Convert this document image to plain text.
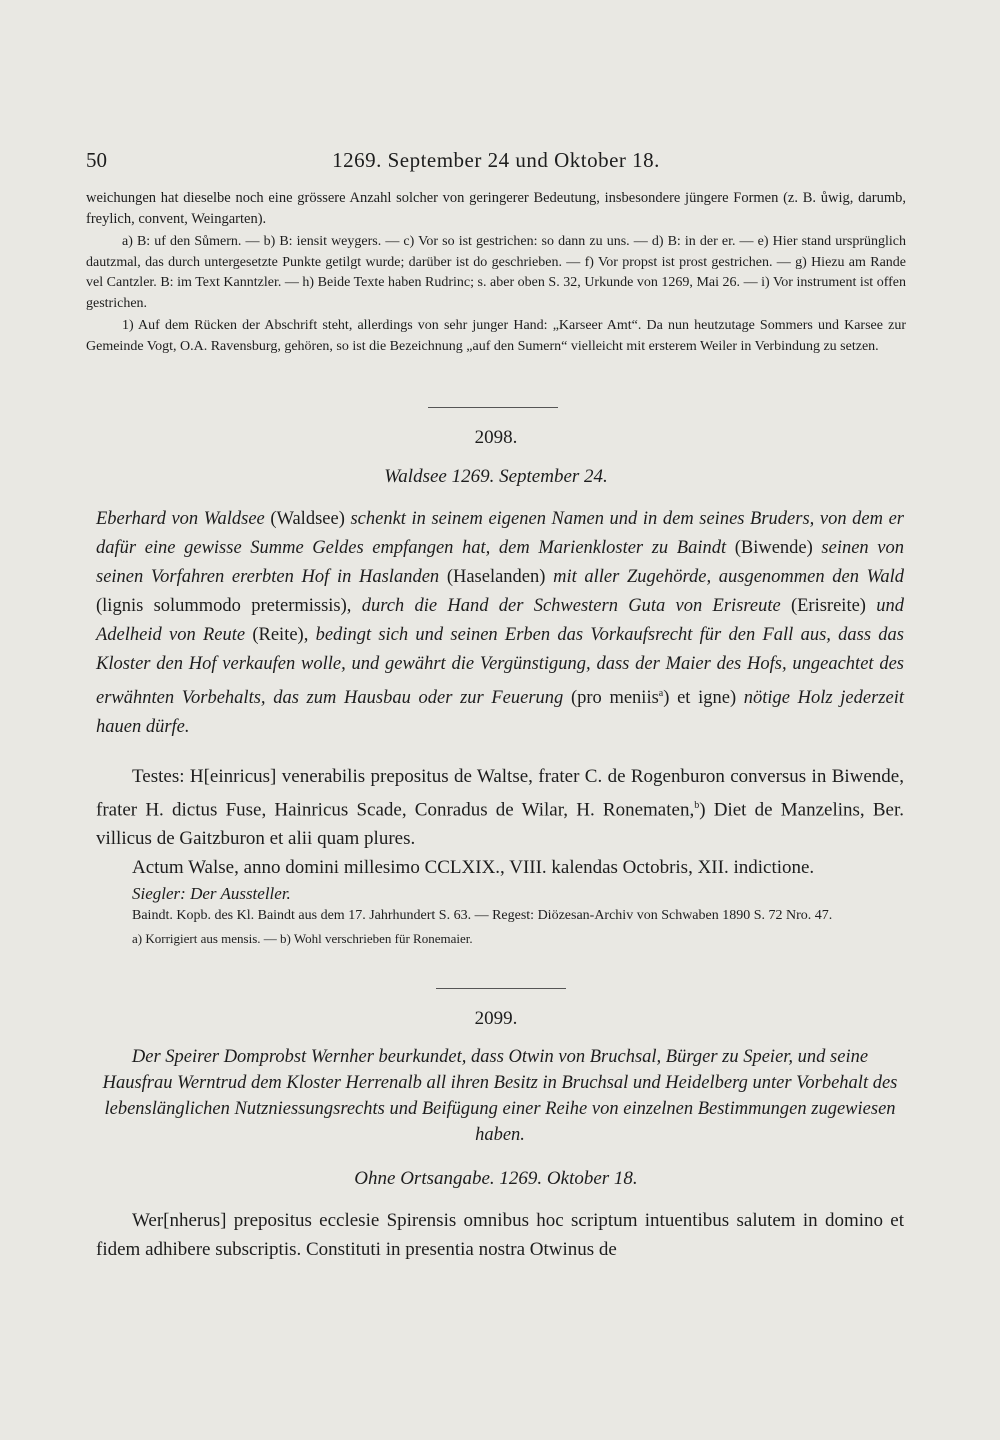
50	1269. September 24 und Oktober 18.

weichungen hat dieselbe noch eine grössere Anzahl solcher von geringerer Bedeutung, insbesondere jüngere Formen (z. B. ůwig, darumb, freylich, convent, Weingarten).

a) B: uf den Sůmern. — b) B: iensit weygers. — c) Vor so ist gestrichen: so dann zu uns. — d) B: in der er. — e) Hier stand ursprünglich dautzmal, das durch untergesetzte Punkte getilgt wurde; darüber ist do geschrieben. — f) Vor propst ist prost gestrichen. — g) Hiezu am Rande vel Cantzler. B: im Text Kanntzler. — h) Beide Texte haben Rudrinc; s. aber oben S. 32, Urkunde von 1269, Mai 26. — i) Vor instrument ist offen gestrichen.

1) Auf dem Rücken der Abschrift steht, allerdings von sehr junger Hand: „Karseer Amt“. Da nun heutzutage Sommers und Karsee zur Gemeinde Vogt, O.A. Ravensburg, gehören, so ist die Bezeichnung „auf den Sumern“ vielleicht mit ersterem Weiler in Verbindung zu setzen.

2098.
Waldsee 1269. September 24.
Eberhard von Waldsee (Waldsee) schenkt in seinem eigenen Namen und in dem seines Bruders, von dem er dafür eine gewisse Summe Geldes empfangen hat, dem Marienkloster zu Baindt (Biwende) seinen von seinen Vorfahren ererbten Hof in Haslanden (Haselanden) mit aller Zugehörde, ausgenommen den Wald (lignis solummodo pretermissis), durch die Hand der Schwestern Guta von Erisreute (Erisreite) und Adelheid von Reute (Reite), bedingt sich und seinen Erben das Vorkaufsrecht für den Fall aus, dass das Kloster den Hof verkaufen wolle, und gewährt die Vergünstigung, dass der Maier des Hofs, ungeachtet des erwähnten Vorbehalts, das zum Hausbau oder zur Feuerung (pro meniis$^a$) et igne) nötige Holz jederzeit hauen dürfe.

Testes: H[einricus] venerabilis prepositus de Waltse, frater C. de Rogenburon conversus in Biwende, frater H. dictus Fuse, Hainricus Scade, Conradus de Wilar, H. Ronematen,$^b$) Diet de Manzelins, Ber. villicus de Gaitzburon et alii quam plures.

Actum Walse, anno domini millesimo CCLXIX., VIII. kalendas Octobris, XII. indictione.

Siegler: Der Aussteller.

Baindt. Kopb. des Kl. Baindt aus dem 17. Jahrhundert S. 63. — Regest: Diözesan-Archiv von Schwaben 1890 S. 72 Nro. 47.

a) Korrigiert aus mensis. — b) Wohl verschrieben für Ronemaier.

2099.
Der Speirer Domprobst Wernher beurkundet, dass Otwin von Bruchsal, Bürger zu Speier, und seine Hausfrau Werntrud dem Kloster Herrenalb all ihren Besitz in Bruchsal und Heidelberg unter Vorbehalt des lebenslänglichen Nutzniessungsrechts und Beifügung einer Reihe von einzelnen Bestimmungen zugewiesen haben.
Ohne Ortsangabe. 1269. Oktober 18.

Wer[nherus] prepositus ecclesie Spirensis omnibus hoc scriptum intuentibus salutem in domino et fidem adhibere subscriptis. Constituti in presentia nostra Otwinus de
